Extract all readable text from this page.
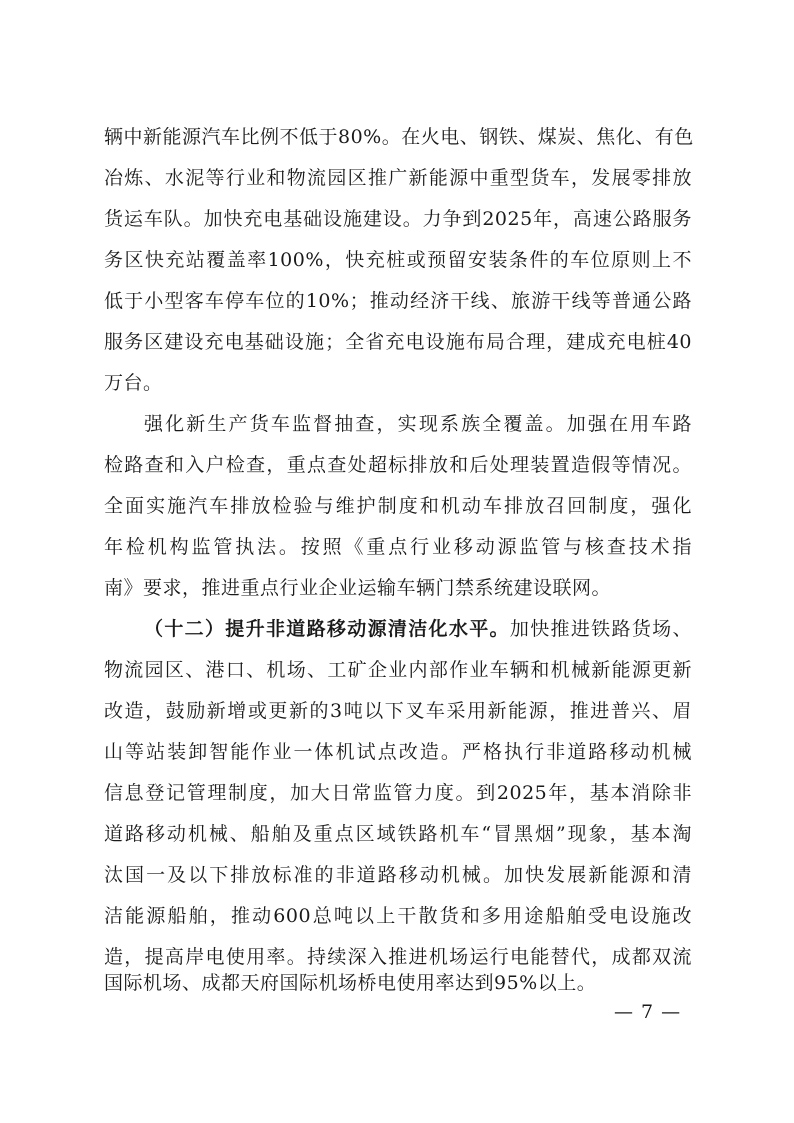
辆中新能源汽车比例不低于80%。在火电、钢铁、煤炭、焦化、有色
冶炼、水泥等行业和物流园区推广新能源中重型货车，发展零排放
货运车队。加快充电基础设施建设。力争到2025年，高速公路服务
务区快充站覆盖率100%，快充桩或预留安装条件的车位原则上不
低于小型客车停车位的10%；推动经济干线、旅游干线等普通公路
服务区建设充电基础设施；全省充电设施布局合理，建成充电桩40
万台。
强化新生产货车监督抽查，实现系族全覆盖。加强在用车路
检路查和入户检查，重点查处超标排放和后处理装置造假等情况。
全面实施汽车排放检验与维护制度和机动车排放召回制度，强化
年检机构监管执法。按照《重点行业移动源监管与核查技术指
南》要求，推进重点行业企业运输车辆门禁系统建设联网。
（十二）提升非道路移动源清洁化水平。加快推进铁路货场、
物流园区、港口、机场、工矿企业内部作业车辆和机械新能源更新
改造，鼓励新增或更新的3吨以下叉车采用新能源，推进普兴、眉
山等站装卸智能作业一体机试点改造。严格执行非道路移动机械
信息登记管理制度，加大日常监管力度。到2025年，基本消除非
道路移动机械、船舶及重点区域铁路机车“冒黑烟”现象，基本淘
汰国一及以下排放标准的非道路移动机械。加快发展新能源和清
洁能源船舶，推动600总吨以上干散货和多用途船舶受电设施改
造，提高岸电使用率。持续深入推进机场运行电能替代，成都双流
国际机场、成都天府国际机场桥电使用率达到95%以上。
— 7 —
